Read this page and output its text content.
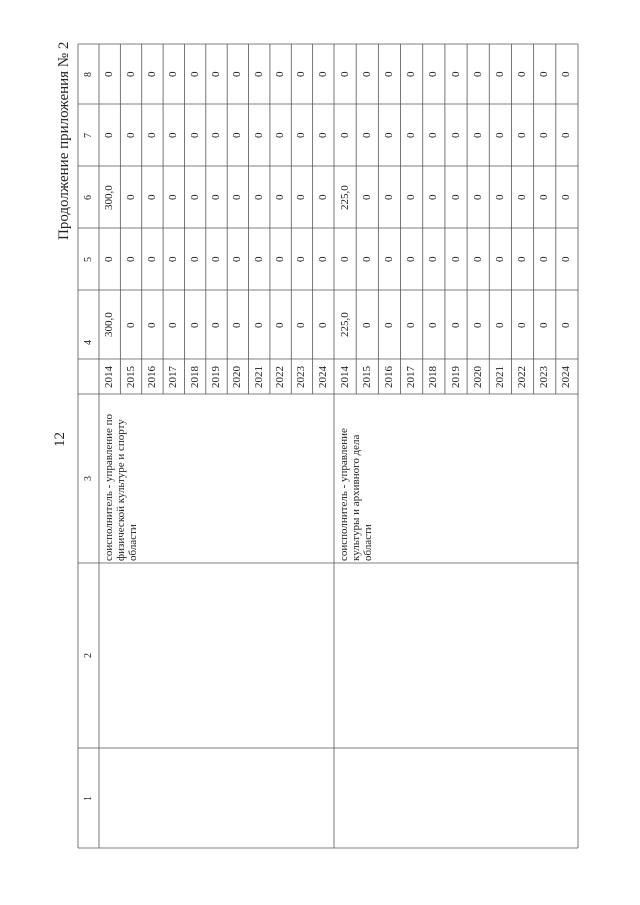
12
Продолжение приложения № 2
1
2
3
4
5
6
7
8
2014
300,0
0
300,0
0
0
2015
0
0
0
0
0
2016
0
0
0
0
0
2017
0
0
0
0
0
2018
0
0
0
0
0
2019
0
0
0
0
0
2020
0
0
0
0
0
2021
0
0
0
0
0
2022
0
0
0
0
0
2023
0
0
0
0
0
2024
0
0
0
0
0
соисполнитель - управление по физической культуре и спорту области
2014
225,0
0
225,0
0
0
2015
0
0
0
0
0
2016
0
0
0
0
0
2017
0
0
0
0
0
2018
0
0
0
0
0
2019
0
0
0
0
0
2020
0
0
0
0
0
2021
0
0
0
0
0
2022
0
0
0
0
0
2023
0
0
0
0
0
2024
0
0
0
0
0
соисполнитель - управление культуры и архивного дела области
